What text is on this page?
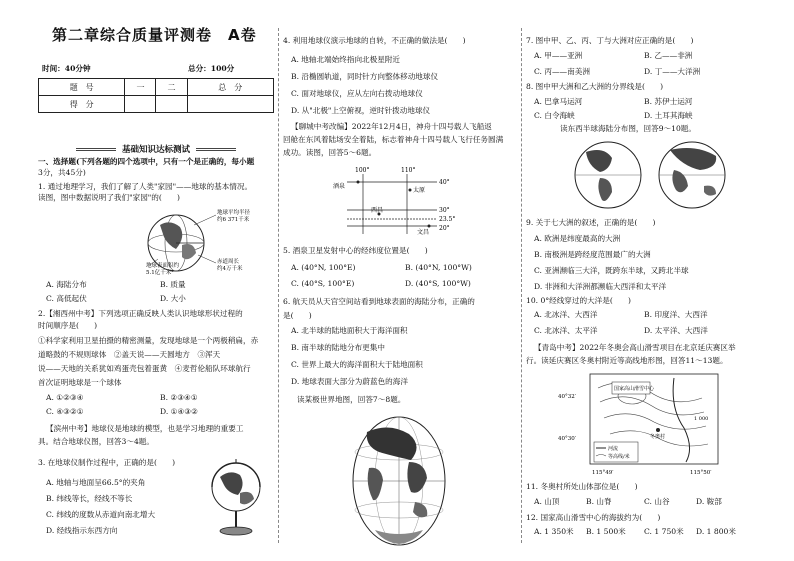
第二章综合质量评测卷　A卷
时间：40分钟	总分：100分
题　号	一	二	总　分
得　分			
基础知识达标测试
一、选择题(下列各题的四个选项中，只有一个是正确的，每小题
3分，共45分)
1. 通过地理学习，我们了解了人类"家园"——地球的基本情况。
读图，图中数据说明了我们"家园"的(　　)
地球平均半径
约6 371千米
地球表面积约
5.1亿千米²
赤道周长
约4万千米
A. 海陆分布	B. 质量
C. 高低起伏	D. 大小
2.【湘西州中考】下列选项正确反映人类认识地球形状过程的
时间顺序是(　　)
①科学家利用卫星拍摄的精密测量，发现地球是一个两极稍扁，赤
道略鼓的不规则球体　②盖天说——天圆地方　③浑天
说——天地的关系犹如鸡蛋壳包着蛋黄　④麦哲伦船队环球航行
首次证明地球是一个球体
A. ①②③④	B. ②③④①
C. ④③②①	D. ①④③②
【滨州中考】地球仪是地球的模型，也是学习地理的重要工
具。结合地球仪图，回答3～4题。
3. 在地球仪制作过程中，正确的是(　　)
A. 地轴与地面呈66.5°的夹角
B. 纬线等长，经线不等长
C. 纬线的度数从赤道向南北增大
D. 经线指示东西方向
4. 利用地球仪演示地球的自转，不正确的做法是(　　)
A. 地轴北端始终指向北极星附近
B. 沿椭圆轨道，同时针方向整体移动地球仪
C. 面对地球仪，应从左向右拨动地球仪
D. 从"北极"上空俯视，逆时针拨动地球仪
【聊城中考改编】2022年12月4日，神舟十四号载人飞船返
回舱在东风着陆场安全着陆，标志着神舟十四号载人飞行任务圆满
成功。读图，回答5～6题。
100°	110°
40°
太原
酒泉
西昌	30°
23.5°
20°
文昌
5. 酒泉卫星发射中心的经纬度位置是(　　)
A. (40°N, 100°E)	B. (40°N, 100°W)
C. (40°S, 100°E)	D. (40°S, 100°W)
6. 航天员从天宫空间站看到地球表面的海陆分布，正确的
是(　　)
A. 北半球的陆地面积大于海洋面积
B. 南半球的陆地分布更集中
C. 世界上最大的海洋面积大于陆地面积
D. 地球表面大部分为蔚蓝色的海洋
读某极世界地图，回答7～8题。
7. 图中甲、乙、丙、丁与大洲对应正确的是(　　)
A. 甲——亚洲	B. 乙——非洲
C. 丙——南美洲	D. 丁——大洋洲
8. 图中甲大洲和乙大洲的分界线是(　　)
A. 巴拿马运河	B. 苏伊士运河
C. 白令海峡	D. 土耳其海峡
读东西半球海陆分布图，回答9～10题。
9. 关于七大洲的叙述，正确的是(　　)
A. 欧洲是纬度最高的大洲
B. 南极洲是跨经度范围最广的大洲
C. 亚洲濒临三大洋，既跨东半球，又跨北半球
D. 非洲和大洋洲都濒临大西洋和太平洋
10. 0°经线穿过的大洋是(　　)
A. 北冰洋、大西洋	B. 印度洋、大西洋
C. 北冰洋、太平洋	D. 太平洋、大西洋
【青岛中考】2022年冬奥会高山滑雪项目在北京延庆赛区举
行。读延庆赛区冬奥村附近等高线地形图，回答11～13题。
国家高山滑雪中心
冬奥村
河流
等高线/米
1 000
40°32′
40°30′
115°49′	115°50′
11. 冬奥村所处山体部位是(　　)
A. 山顶	B. 山脊	C. 山谷	D. 鞍部
12. 国家高山滑雪中心的海拔约为(　　)
A. 1 350米 B. 1 500米 C. 1 750米 D. 1 800米
